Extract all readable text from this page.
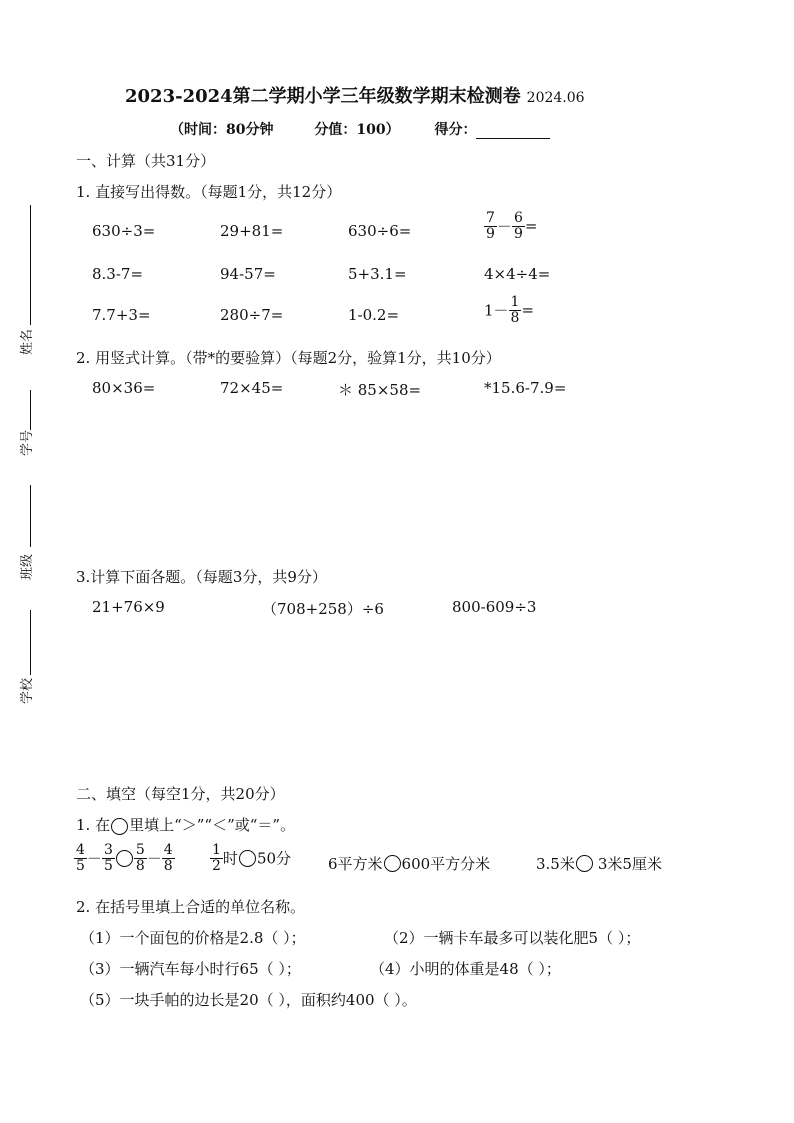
姓名
学号
班级
学校
2023-2024第二学期小学三年级数学期末检测卷 2024.06
（时间：80分钟	分值：100） 得分：
一、计算（共31分）
1. 直接写出得数。（每题1分，共12分）
630÷3=	29+81=	630÷6=	$\frac{7}{9} - \frac{6}{9}$ =
8.3-7=	94-57=	5+3.1=	4×4÷4=
7.7+3=	280÷7=	1-0.2=	$1- \frac{1}{8}$ =
2. 用竖式计算。（带*的要验算）（每题2分，验算1分，共10分）
80×36=	72×45=	＊ 85×58=	*15.6-7.9=
3.计算下面各题。（每题3分，共9分）
21+76×9	（708+258）÷6	800-609÷3
二、填空（每空1分，共20分）
1. 在 里填上“＞”“＜”或“＝”。
$\frac{4}{5} - \frac{3}{5} \frac{5}{8} - \frac{4}{8}$	$\frac{1}{2}$ 时 50分 6平方米 600平方分米	3.5米 3米5厘米
2. 在括号里填上合适的单位名称。
（1）一个面包的价格是2.8（ ）；	（2）一辆卡车最多可以装化肥5（ ）；
（3）一辆汽车每小时行65（ ）；	（4）小明的体重是48（ ）；
（5）一块手帕的边长是20（ ），面积约400（ ）。
